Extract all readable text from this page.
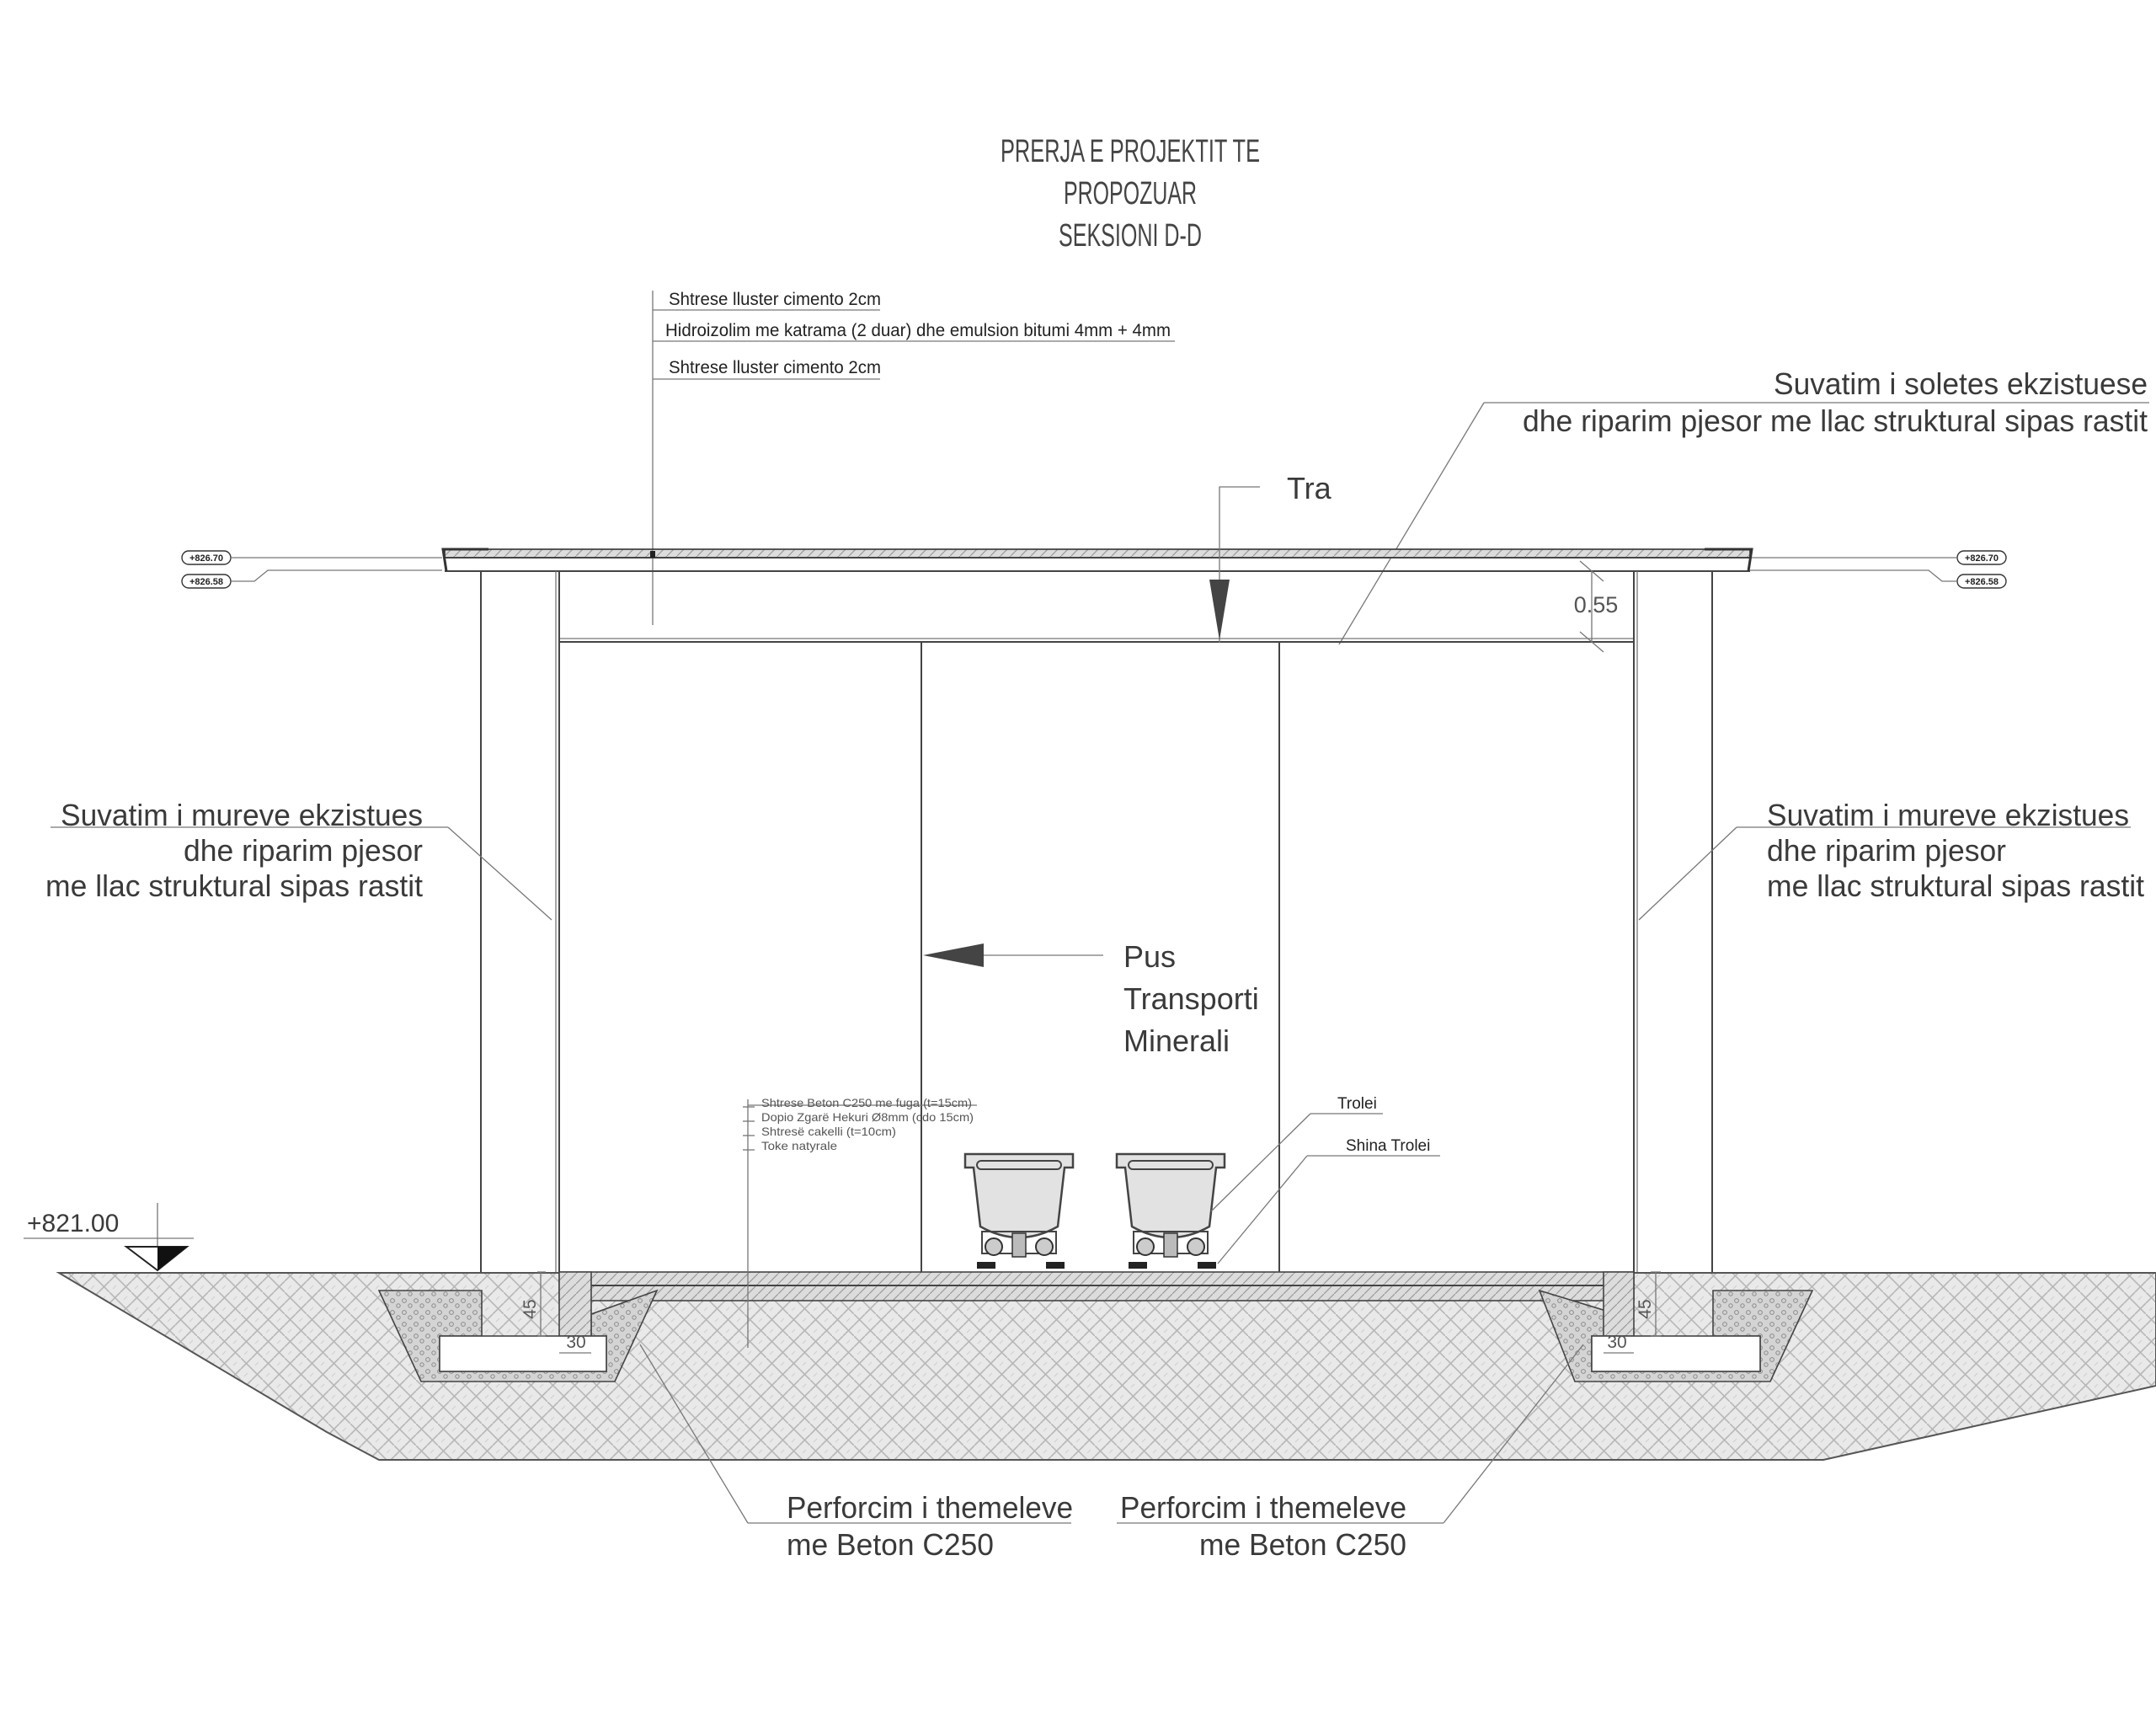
PRERJA E PROJEKTIT TE
PROPOZUAR
SEKSIONI D-D
Shtrese lluster cimento 2cm
Hidroizolim me katrama (2 duar) dhe emulsion bitumi 4mm + 4mm
Shtrese lluster cimento 2cm	Suvatim i soletes ekzistuese
dhe riparim pjesor me llac struktural sipas rastit
+826.70
+826.58
+826.70
+826.58
Tra
0.55
Pus
Transporti
Minerali
Suvatim i mureve ekzistues
dhe riparim pjesor
me llac struktural sipas rastit
Suvatim i mureve ekzistues
dhe riparim pjesor
me llac struktural sipas rastit
+821.00
Shtrese Beton C250 me fuga (t=15cm)
Dopio Zgarë Hekuri Ø8mm (cdo 15cm)
Shtresë cakelli (t=10cm)
Toke natyrale
Trolei
Shina Trolei
45
30
45
30
Perforcim i themeleve
me Beton C250
Perforcim i themeleve
me Beton C250
